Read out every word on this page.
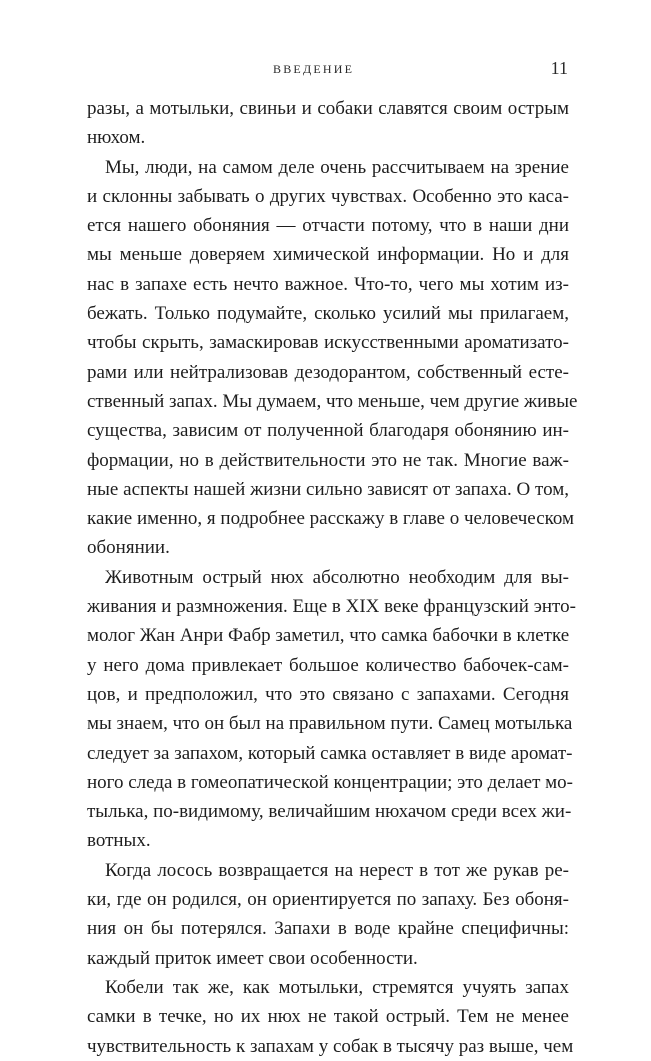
ВВЕДЕНИЕ	11
разы, а мотыльки, свиньи и собаки славятся своим острым
нюхом.
Мы, люди, на самом деле очень рассчитываем на зрение
и склонны забывать о других чувствах. Особенно это каса-
ется нашего обоняния — отчасти потому, что в наши дни
мы меньше доверяем химической информации. Но и для
нас в запахе есть нечто важное. Что-то, чего мы хотим из-
бежать. Только подумайте, сколько усилий мы прилагаем,
чтобы скрыть, замаскировав искусственными ароматизато-
рами или нейтрализовав дезодорантом, собственный есте-
ственный запах. Мы думаем, что меньше, чем другие живые
существа, зависим от полученной благодаря обонянию ин-
формации, но в действительности это не так. Многие важ-
ные аспекты нашей жизни сильно зависят от запаха. О том,
какие именно, я подробнее расскажу в главе о человеческом
обонянии.
Животным острый нюх абсолютно необходим для вы-
живания и размножения. Еще в XIX веке французский энто-
молог Жан Анри Фабр заметил, что самка бабочки в клетке
у него дома привлекает большое количество бабочек-сам-
цов, и предположил, что это связано с запахами. Сегодня
мы знаем, что он был на правильном пути. Самец мотылька
следует за запахом, который самка оставляет в виде аромат-
ного следа в гомеопатической концентрации; это делает мо-
тылька, по-видимому, величайшим нюхачом среди всех жи-
вотных.
Когда лосось возвращается на нерест в тот же рукав ре-
ки, где он родился, он ориентируется по запаху. Без обоня-
ния он бы потерялся. Запахи в воде крайне специфичны:
каждый приток имеет свои особенности.
Кобели так же, как мотыльки, стремятся учуять запах
самки в течке, но их нюх не такой острый. Тем не менее
чувствительность к запахам у собак в тысячу раз выше, чем
